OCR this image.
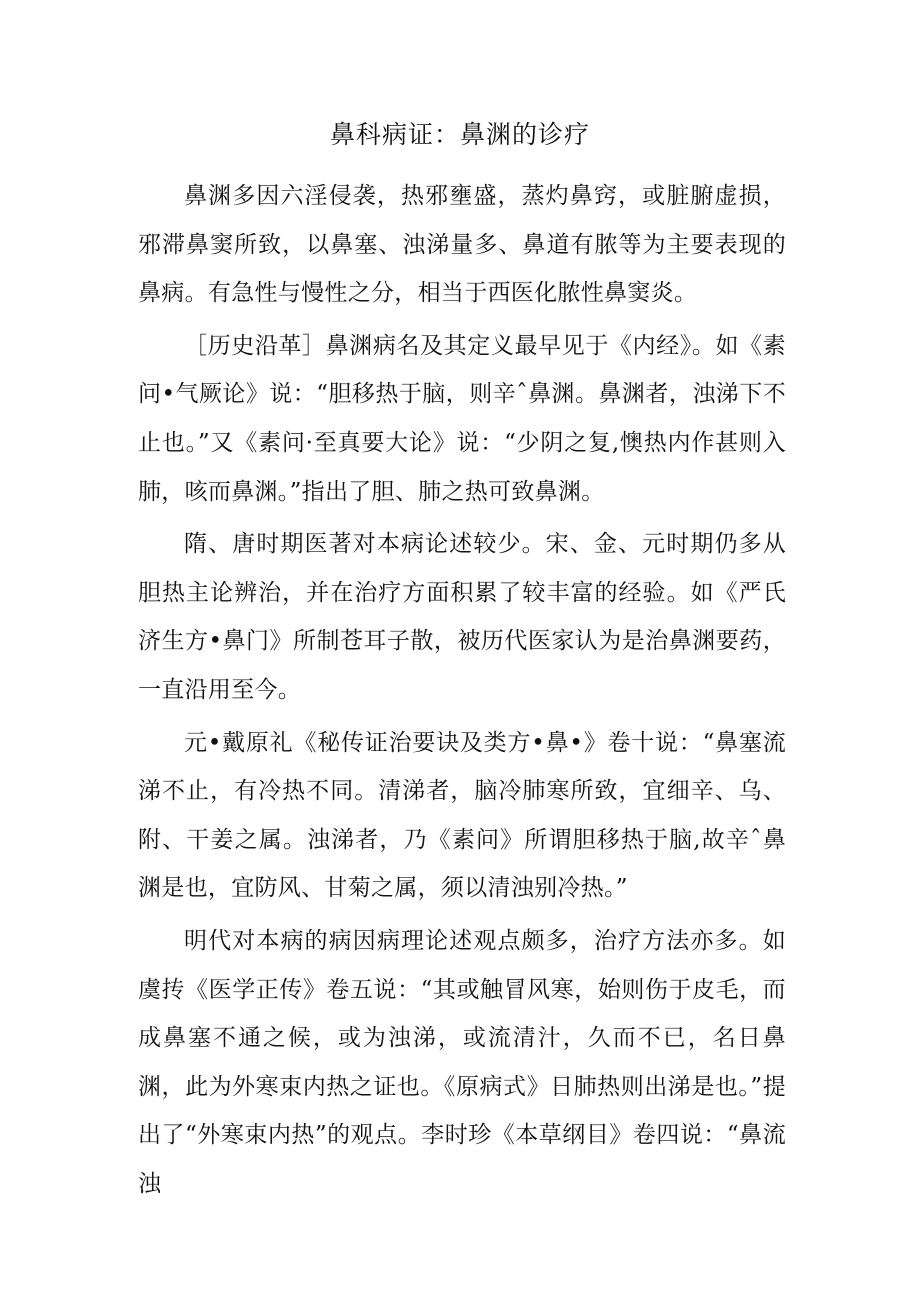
鼻科病证：鼻渊的诊疗

鼻渊多因六淫侵袭，热邪壅盛，蒸灼鼻窍，或脏腑虚损，邪滞鼻窦所致，以鼻塞、浊涕量多、鼻道有脓等为主要表现的鼻病。有急性与慢性之分，相当于西医化脓性鼻窦炎。

［历史沿革］鼻渊病名及其定义最早见于《内经》。如《素问•气厥论》说：“胆移热于脑，则辛ˆ鼻渊。鼻渊者，浊涕下不止也。”又《素问·至真要大论》说：“少阴之复,懊热内作甚则入肺，咳而鼻渊。”指出了胆、肺之热可致鼻渊。

隋、唐时期医著对本病论述较少。宋、金、元时期仍多从胆热主论辨治，并在治疗方面积累了较丰富的经验。如《严氏济生方•鼻门》所制苍耳子散，被历代医家认为是治鼻渊要药，一直沿用至今。

元•戴原礼《秘传证治要诀及类方•鼻•》卷十说：“鼻塞流涕不止，有冷热不同。清涕者，脑冷肺寒所致，宜细辛、乌、附、干姜之属。浊涕者，乃《素问》所谓胆移热于脑,故辛ˆ鼻渊是也，宜防风、甘菊之属，须以清浊别冷热。”

明代对本病的病因病理论述观点颇多，治疗方法亦多。如虞抟《医学正传》卷五说：“其或触冒风寒，始则伤于皮毛，而成鼻塞不通之候，或为浊涕，或流清汁，久而不已，名日鼻渊，此为外寒束内热之证也。《原病式》日肺热则出涕是也。”提出了“外寒束内热”的观点。李时珍《本草纲目》卷四说：“鼻流浊
